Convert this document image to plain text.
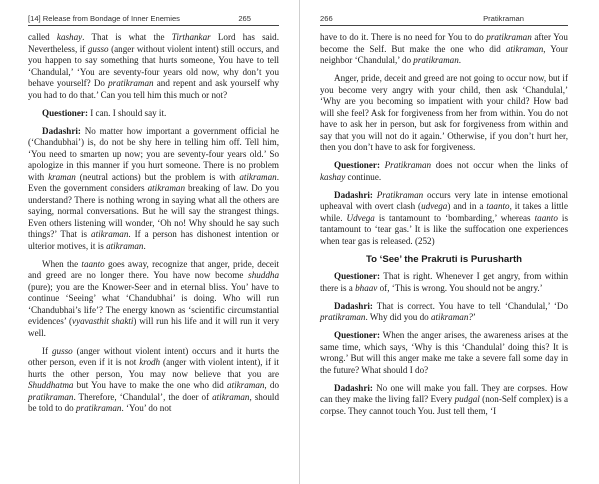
[14] Release from Bondage of Inner Enemies	265

called kashay. That is what the Tirthankar Lord has said. Nevertheless, if gusso (anger without violent intent) still occurs, and you happen to say something that hurts someone, You have to tell ‘Chandulal,’ ‘You are seventy-four years old now, why don’t you behave yourself? Do pratikraman and repent and ask yourself why you had to do that.’ Can you tell him this much or not?

Questioner: I can. I should say it.

Dadashri: No matter how important a government official he (‘Chandubhai’) is, do not be shy here in telling him off. Tell him, ‘You need to smarten up now; you are seventy-four years old.’ So apologize in this manner if you hurt someone. There is no problem with kraman (neutral actions) but the problem is with atikraman. Even the government considers atikraman breaking of law. Do you understand? There is nothing wrong in saying what all the others are saying, normal conversations. But he will say the strangest things. Even others listening will wonder, ‘Oh no! Why should he say such things?’ That is atikraman. If a person has dishonest intention or ulterior motives, it is atikraman.

When the taanto goes away, recognize that anger, pride, deceit and greed are no longer there. You have now become shuddha (pure); you are the Knower-Seer and in eternal bliss. You’ have to continue ‘Seeing’ what ‘Chandubhai’ is doing. Who will run ‘Chandubhai’s life’? The energy known as ‘scientific circumstantial evidences’ (vyavasthit shakti) will run his life and it will run it very well.

If gusso (anger without violent intent) occurs and it hurts the other person, even if it is not krodh (anger with violent intent), if it hurts the other person, You may now believe that you are Shuddhatma but You have to make the one who did atikraman, do pratikraman. Therefore, ‘Chandulal’, the doer of atikraman, should be told to do pratikraman. ‘You’ do not

266	Pratikraman

have to do it. There is no need for You to do pratikraman after You become the Self. But make the one who did atikraman, Your neighbor ‘Chandulal,’ do pratikraman.

Anger, pride, deceit and greed are not going to occur now, but if you become very angry with your child, then ask ‘Chandulal,’ ‘Why are you becoming so impatient with your child? How bad will she feel? Ask for forgiveness from her from within. You do not have to ask her in person, but ask for forgiveness from within and say that you will not do it again.’ Otherwise, if you don’t hurt her, then you don’t have to ask for forgiveness.

Questioner: Pratikraman does not occur when the links of kashay continue.

Dadashri: Pratikraman occurs very late in intense emotional upheaval with overt clash (udvega) and in a taanto, it takes a little while. Udvega is tantamount to ‘bombarding,’ whereas taanto is tantamount to ‘tear gas.’ It is like the suffocation one experiences when tear gas is released. (252)

To ‘See’ the Prakruti is Purusharth

Questioner: That is right. Whenever I get angry, from within there is a bhaav of, ‘This is wrong. You should not be angry.’

Dadashri: That is correct. You have to tell ‘Chandulal,’ ‘Do pratikraman. Why did you do atikraman?’

Questioner: When the anger arises, the awareness arises at the same time, which says, ‘Why is this ‘Chandulal’ doing this? It is wrong.’ But will this anger make me take a severe fall some day in the future? What should I do?

Dadashri: No one will make you fall. They are corpses. How can they make the living fall? Every pudgal (non-Self complex) is a corpse. They cannot touch You. Just tell them, ‘I
